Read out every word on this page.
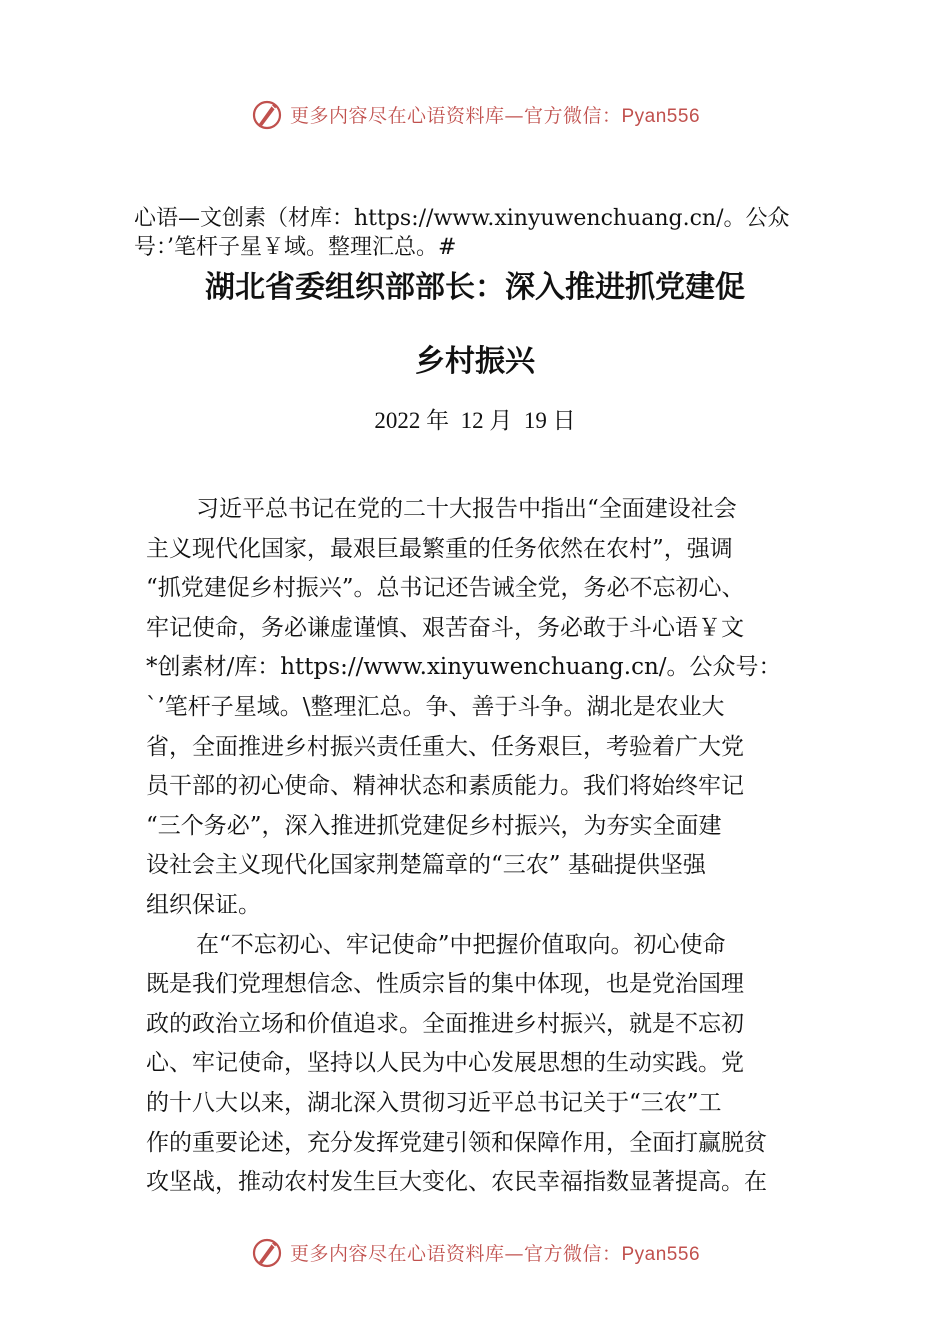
更多内容尽在心语资料库—官方微信：Pyan556
心语—文创素（材库：https://www.xinyuwenchuang.cn/。公众号：’笔杆子星￥域。整理汇总。#
湖北省委组织部部长：深入推进抓党建促
乡村振兴
2022 年  12 月  19 日
习近平总书记在党的二十大报告中指出“全面建设社会
主义现代化国家，最艰巨最繁重的任务依然在农村”，强调
“抓党建促乡村振兴”。总书记还告诫全党，务必不忘初心、
牢记使命，务必谦虚谨慎、艰苦奋斗，务必敢于斗心语￥文
*创素材/库：https://www.xinyuwenchuang.cn/。公众号：
`’笔杆子星域。\整理汇总。争、善于斗争。湖北是农业大
省，全面推进乡村振兴责任重大、任务艰巨，考验着广大党
员干部的初心使命、精神状态和素质能力。我们将始终牢记
“三个务必”，深入推进抓党建促乡村振兴，为夯实全面建
设社会主义现代化国家荆楚篇章的“三农” 基础提供坚强
组织保证。
在“不忘初心、牢记使命”中把握价值取向。初心使命
既是我们党理想信念、性质宗旨的集中体现，也是党治国理
政的政治立场和价值追求。全面推进乡村振兴，就是不忘初
心、牢记使命，坚持以人民为中心发展思想的生动实践。党
的十八大以来，湖北深入贯彻习近平总书记关于“三农”工
作的重要论述，充分发挥党建引领和保障作用，全面打赢脱贫
攻坚战，推动农村发生巨大变化、农民幸福指数显著提高。在
更多内容尽在心语资料库—官方微信：Pyan556
